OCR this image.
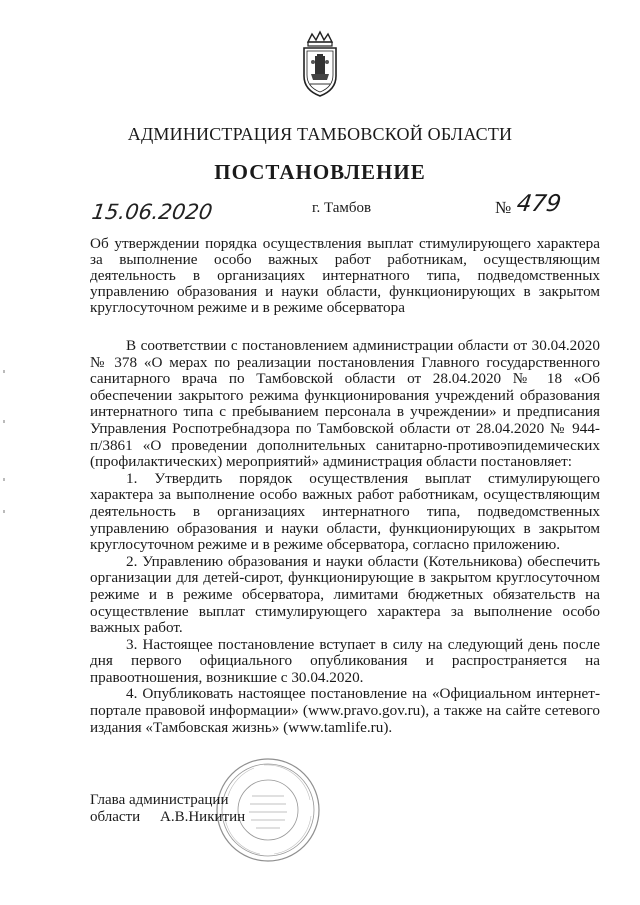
АДМИНИСТРАЦИЯ ТАМБОВСКОЙ ОБЛАСТИ
ПОСТАНОВЛЕНИЕ
15.06.2020	г. Тамбов	№ 479
Об утверждении порядка осуществления выплат стимулирующего характера за выполнение особо важных работ работникам, осуществляющим деятельность в организациях интернатного типа, подведомственных управлению образования и науки области, функционирующих в закрытом круглосуточном режиме и в режиме обсерватора

В соответствии с постановлением администрации области от 30.04.2020 № 378 «О мерах по реализации постановления Главного государственного санитарного врача по Тамбовской области от 28.04.2020 № 18 «Об обеспечении закрытого режима функционирования учреждений образования интернатного типа с пребыванием персонала в учреждении» и предписания Управления Роспотребнадзора по Тамбовской области от 28.04.2020 № 944-п/3861 «О проведении дополнительных санитарно-противоэпидемических (профилактических) мероприятий» администрация области постановляет:

1. Утвердить порядок осуществления выплат стимулирующего характера за выполнение особо важных работ работникам, осуществляющим деятельность в организациях интернатного типа, подведомственных управлению образования и науки области, функционирующих в закрытом круглосуточном режиме и в режиме обсерватора, согласно приложению.

2. Управлению образования и науки области (Котельникова) обеспечить организации для детей-сирот, функционирующие в закрытом круглосуточном режиме и в режиме обсерватора, лимитами бюджетных обязательств на осуществление выплат стимулирующего характера за выполнение особо важных работ.

3. Настоящее постановление вступает в силу на следующий день после дня первого официального опубликования и распространяется на правоотношения, возникшие с 30.04.2020.

4. Опубликовать настоящее постановление на «Официальном интернет-портале правовой информации» (www.pravo.gov.ru), а также на сайте сетевого издания «Тамбовская жизнь» (www.tamlife.ru).

Глава администрации
области	А.В.Никитин
